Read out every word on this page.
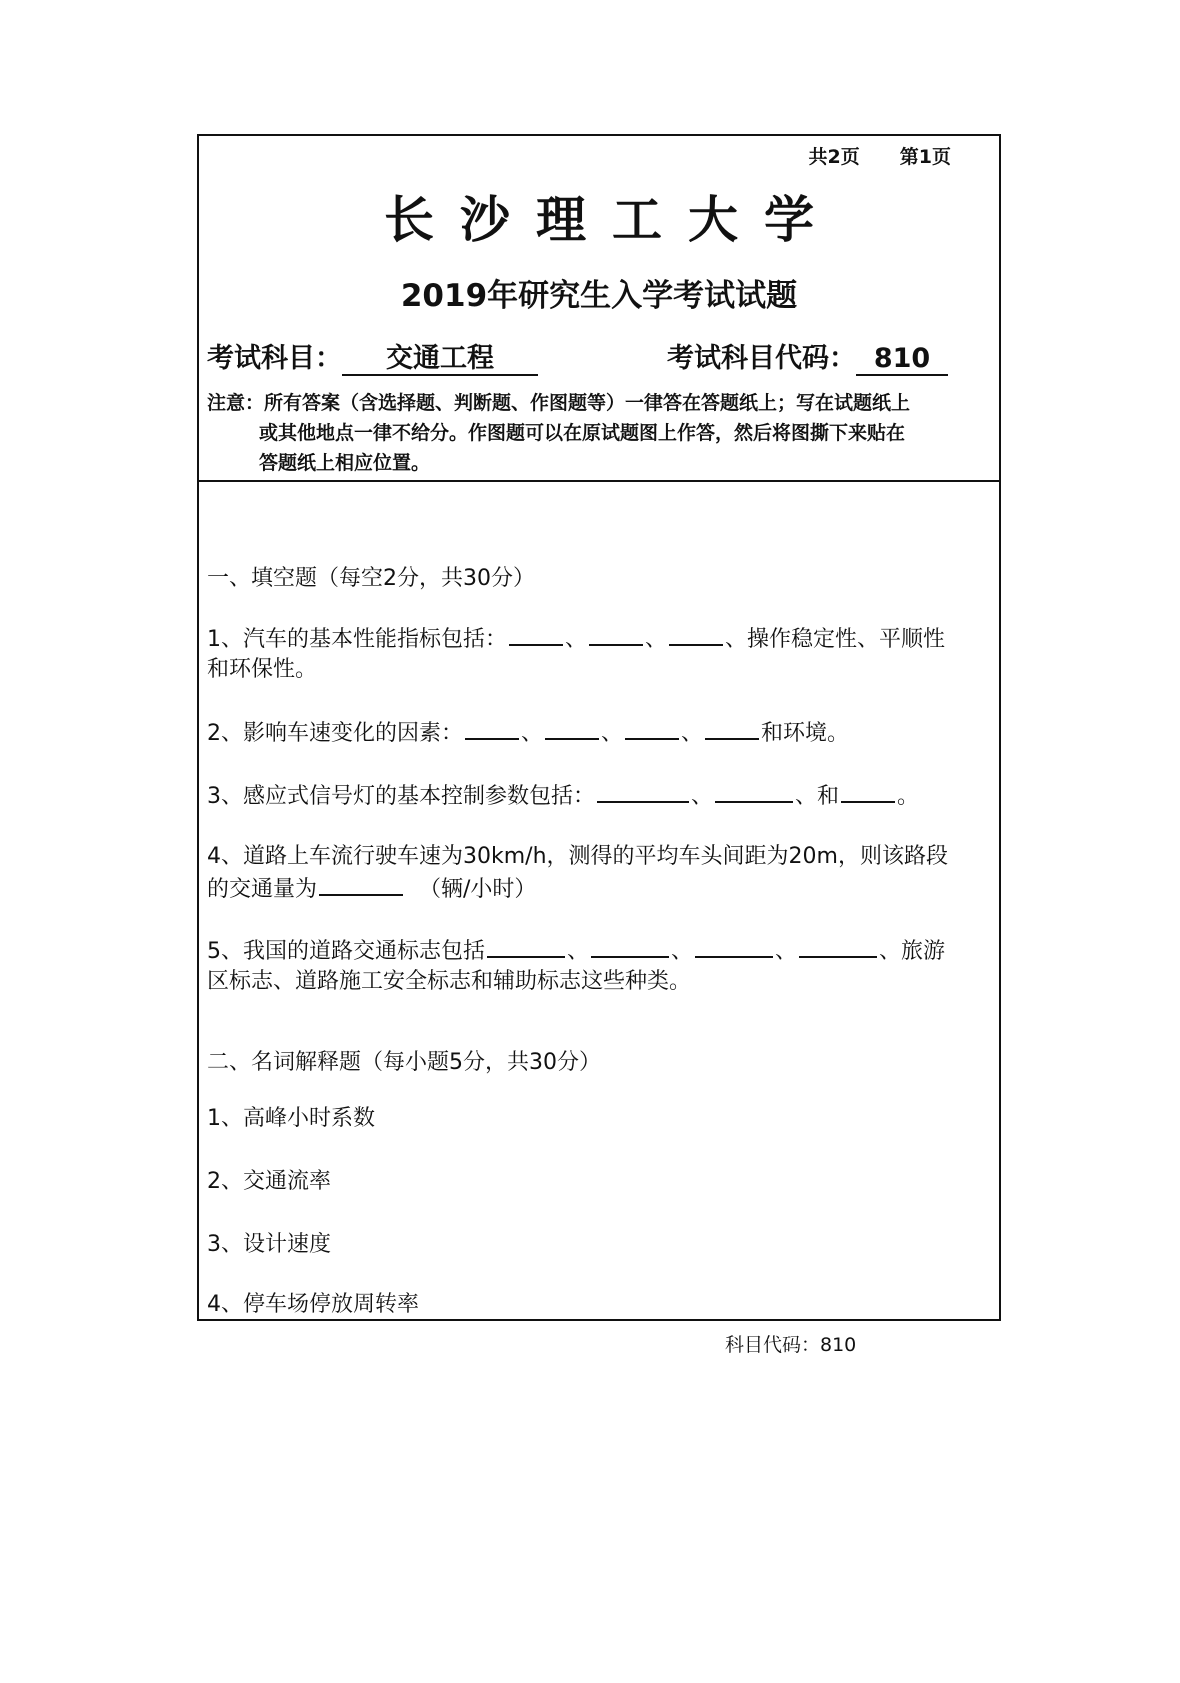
共2页 第1页
长沙理工大学
2019年研究生入学考试试题
考试科目： 交通工程	考试科目代码： 810
注意：所有答案（含选择题、判断题、作图题等）一律答在答题纸上；写在试题纸上
或其他地点一律不给分。作图题可以在原试题图上作答，然后将图撕下来贴在
答题纸上相应位置。
一、填空题（每空2分，共30分）
1、汽车的基本性能指标包括：	、	、	、操作稳定性、平顺性
和环保性。
2、影响车速变化的因素：	、	、	、	和环境。
3、感应式信号灯的基本控制参数包括：	、	、和	。
4、道路上车流行驶车速为30km/h，测得的平均车头间距为20m，则该路段
的交通量为	（辆/小时）
5、我国的道路交通标志包括	、	、	、	、旅游
区标志、道路施工安全标志和辅助标志这些种类。
二、名词解释题（每小题5分，共30分）
1、高峰小时系数
2、交通流率
3、设计速度
4、停车场停放周转率
科目代码：810
